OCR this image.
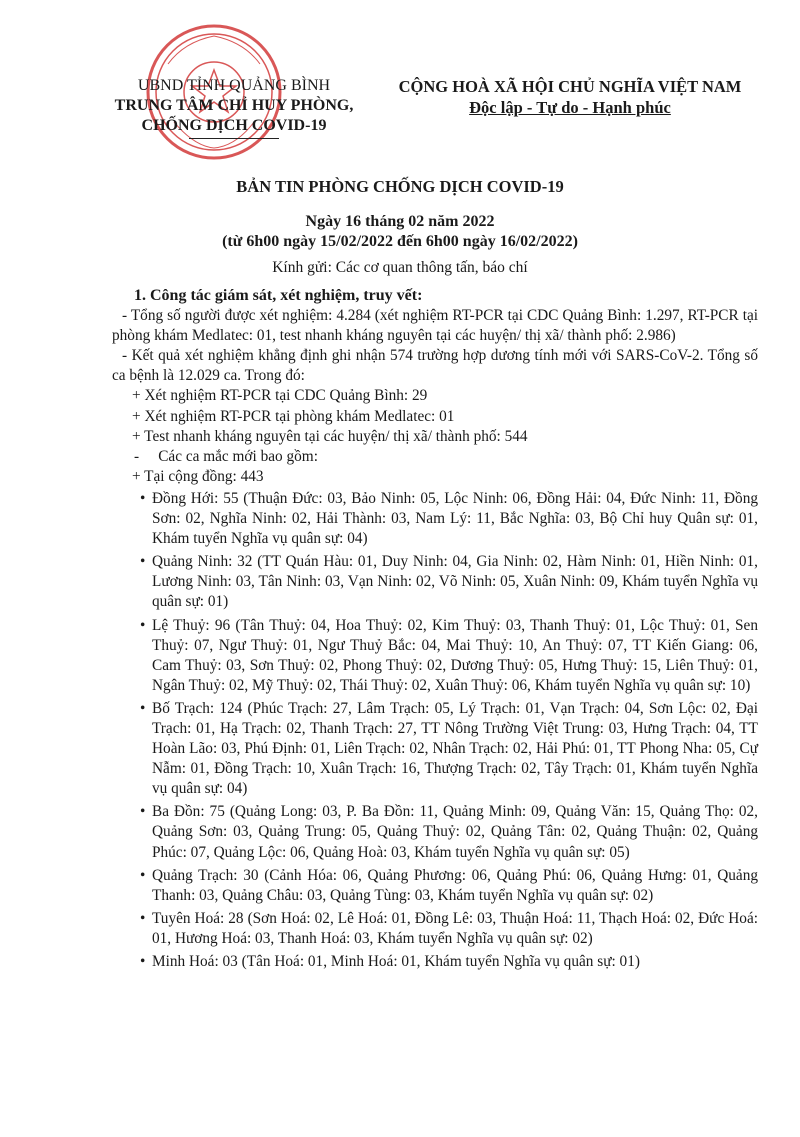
UBND TỈNH QUẢNG BÌNH
TRUNG TÂM CHỈ HUY PHÒNG,
CHỐNG DỊCH COVID-19
CỘNG HOÀ XÃ HỘI CHỦ NGHĨA VIỆT NAM
Độc lập - Tự do - Hạnh phúc
BẢN TIN PHÒNG CHỐNG DỊCH COVID-19
Ngày 16 tháng 02 năm 2022
(từ 6h00 ngày 15/02/2022 đến 6h00 ngày 16/02/2022)
Kính gửi: Các cơ quan thông tấn, báo chí

1. Công tác giám sát, xét nghiệm, truy vết:

- Tổng số người được xét nghiệm: 4.284 (xét nghiệm RT-PCR tại CDC Quảng Bình: 1.297, RT-PCR tại phòng khám Medlatec: 01, test nhanh kháng nguyên tại các huyện/ thị xã/ thành phố: 2.986)

- Kết quả xét nghiệm khẳng định ghi nhận 574 trường hợp dương tính mới với SARS-CoV-2. Tổng số ca bệnh là 12.029 ca. Trong đó:

+ Xét nghiệm RT-PCR tại CDC Quảng Bình: 29

+ Xét nghiệm RT-PCR tại phòng khám Medlatec: 01

+ Test nhanh kháng nguyên tại các huyện/ thị xã/ thành phố: 544

-     Các ca mắc mới bao gồm:

+ Tại cộng đồng: 443

• Đồng Hới: 55 (Thuận Đức: 03, Bảo Ninh: 05, Lộc Ninh: 06, Đồng Hải: 04, Đức Ninh: 11, Đồng Sơn: 02, Nghĩa Ninh: 02, Hải Thành: 03, Nam Lý: 11, Bắc Nghĩa: 03, Bộ Chỉ huy Quân sự: 01, Khám tuyển Nghĩa vụ quân sự: 04)
• Quảng Ninh: 32 (TT Quán Hàu: 01, Duy Ninh: 04, Gia Ninh: 02, Hàm Ninh: 01, Hiền Ninh: 01, Lương Ninh: 03, Tân Ninh: 03, Vạn Ninh: 02, Võ Ninh: 05, Xuân Ninh: 09, Khám tuyển Nghĩa vụ quân sự: 01)
• Lệ Thuỷ: 96 (Tân Thuỷ: 04, Hoa Thuỷ: 02, Kim Thuỷ: 03, Thanh Thuỷ: 01, Lộc Thuỷ: 01, Sen Thuỷ: 07, Ngư Thuỷ: 01, Ngư Thuỷ Bắc: 04, Mai Thuỷ: 10, An Thuỷ: 07, TT Kiến Giang: 06, Cam Thuỷ: 03, Sơn Thuỷ: 02, Phong Thuỷ: 02, Dương Thuỷ: 05, Hưng Thuỷ: 15, Liên Thuỷ: 01, Ngân Thuỷ: 02, Mỹ Thuỷ: 02, Thái Thuỷ: 02, Xuân Thuỷ: 06, Khám tuyển Nghĩa vụ quân sự: 10)
• Bố Trạch: 124 (Phúc Trạch: 27, Lâm Trạch: 05, Lý Trạch: 01, Vạn Trạch: 04, Sơn Lộc: 02, Đại Trạch: 01, Hạ Trạch: 02, Thanh Trạch: 27, TT Nông Trường Việt Trung: 03, Hưng Trạch: 04, TT Hoàn Lão: 03, Phú Định: 01, Liên Trạch: 02, Nhân Trạch: 02, Hải Phú: 01, TT Phong Nha: 05, Cự Nẫm: 01, Đồng Trạch: 10, Xuân Trạch: 16, Thượng Trạch: 02, Tây Trạch: 01, Khám tuyển Nghĩa vụ quân sự: 04)
• Ba Đồn: 75 (Quảng Long: 03, P. Ba Đồn: 11, Quảng Minh: 09, Quảng Văn: 15, Quảng Thọ: 02, Quảng Sơn: 03, Quảng Trung: 05, Quảng Thuỷ: 02, Quảng Tân: 02, Quảng Thuận: 02, Quảng Phúc: 07, Quảng Lộc: 06, Quảng Hoà: 03, Khám tuyển Nghĩa vụ quân sự: 05)
• Quảng Trạch: 30 (Cảnh Hóa: 06, Quảng Phương: 06, Quảng Phú: 06, Quảng Hưng: 01, Quảng Thanh: 03, Quảng Châu: 03, Quảng Tùng: 03, Khám tuyển Nghĩa vụ quân sự: 02)
• Tuyên Hoá: 28 (Sơn Hoá: 02, Lê Hoá: 01, Đồng Lê: 03, Thuận Hoá: 11, Thạch Hoá: 02, Đức Hoá: 01, Hương Hoá: 03, Thanh Hoá: 03, Khám tuyển Nghĩa vụ quân sự: 02)
• Minh Hoá: 03 (Tân Hoá: 01, Minh Hoá: 01, Khám tuyển Nghĩa vụ quân sự: 01)
